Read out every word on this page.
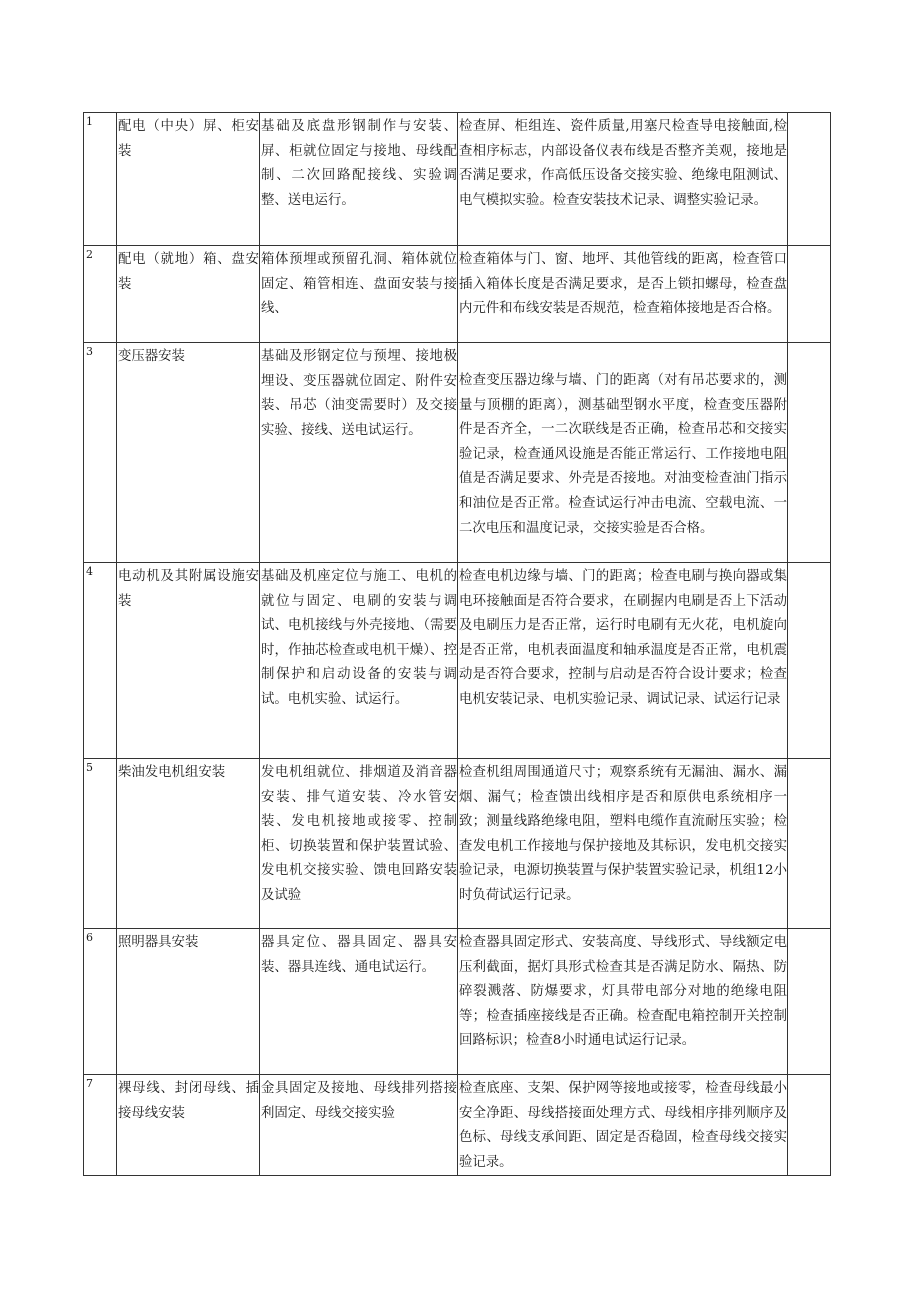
1	配电（中央）屏、柜安装	基础及底盘形钢制作与安装、屏、柜就位固定与接地、母线配制、二次回路配接线、实验调整、送电运行。	检查屏、柜组连、瓷件质量,用塞尺检查导电接触面,检查相序标志，内部设备仪表布线是否整齐美观，接地是否满足要求，作高低压设备交接实验、绝缘电阻测试、电气模拟实验。检查安装技术记录、调整实验记录。	
2	配电（就地）箱、盘安装	箱体预埋或预留孔洞、箱体就位固定、箱管相连、盘面安装与接线、	检查箱体与门、窗、地坪、其他管线的距离，检查管口插入箱体长度是否满足要求，是否上锁扣螺母，检查盘内元件和布线安装是否规范，检查箱体接地是否合格。	
3	变压器安装	基础及形钢定位与预埋、接地极埋设、变压器就位固定、附件安装、吊芯（油变需要时）及交接实验、接线、送电试运行。	检查变压器边缘与墙、门的距离（对有吊芯要求的，测量与顶棚的距离），测基础型钢水平度，检查变压器附件是否齐全，一二次联线是否正确，检查吊芯和交接实验记录，检查通风设施是否能正常运行、工作接地电阻值是否满足要求、外壳是否接地。对油变检查油门指示和油位是否正常。检查试运行冲击电流、空载电流、一二次电压和温度记录，交接实验是否合格。	
4	电动机及其附属设施安装	基础及机座定位与施工、电机的就位与固定、电刷的安装与调试、电机接线与外壳接地、（需要时，作抽芯检查或电机干燥）、控制保护和启动设备的安装与调试。电机实验、试运行。	检查电机边缘与墙、门的距离；检查电刷与换向器或集电环接触面是否符合要求，在刷握内电刷是否上下活动及电刷压力是否正常，运行时电刷有无火花，电机旋向是否正常，电机表面温度和轴承温度是否正常，电机震动是否符合要求，控制与启动是否符合设计要求；检查电机安装记录、电机实验记录、调试记录、试运行记录	
5	柴油发电机组安装	发电机组就位、排烟道及消音器安装、排气道安装、冷水管安装、发电机接地或接零、控制柜、切换装置和保护装置试验、发电机交接实验、馈电回路安装及试验	检查机组周围通道尺寸；观察系统有无漏油、漏水、漏烟、漏气；检查馈出线相序是否和原供电系统相序一致；测量线路绝缘电阻，塑料电缆作直流耐压实验；检查发电机工作接地与保护接地及其标识，发电机交接实验记录，电源切换装置与保护装置实验记录，机组12小时负荷试运行记录。	
6	照明器具安装	器具定位、器具固定、器具安装、器具连线、通电试运行。	检查器具固定形式、安装高度、导线形式、导线额定电压利截面，据灯具形式检查其是否满足防水、隔热、防碎裂溅落、防爆要求，灯具带电部分对地的绝缘电阻等；检查插座接线是否正确。检查配电箱控制开关控制回路标识；检查8小时通电试运行记录。	
7	裸母线、封闭母线、插接母线安装	金具固定及接地、母线排列搭接利固定、母线交接实验	检查底座、支架、保护网等接地或接零，检查母线最小安全净距、母线搭接面处理方式、母线相序排列顺序及色标、母线支承间距、固定是否稳固，检查母线交接实验记录。	
